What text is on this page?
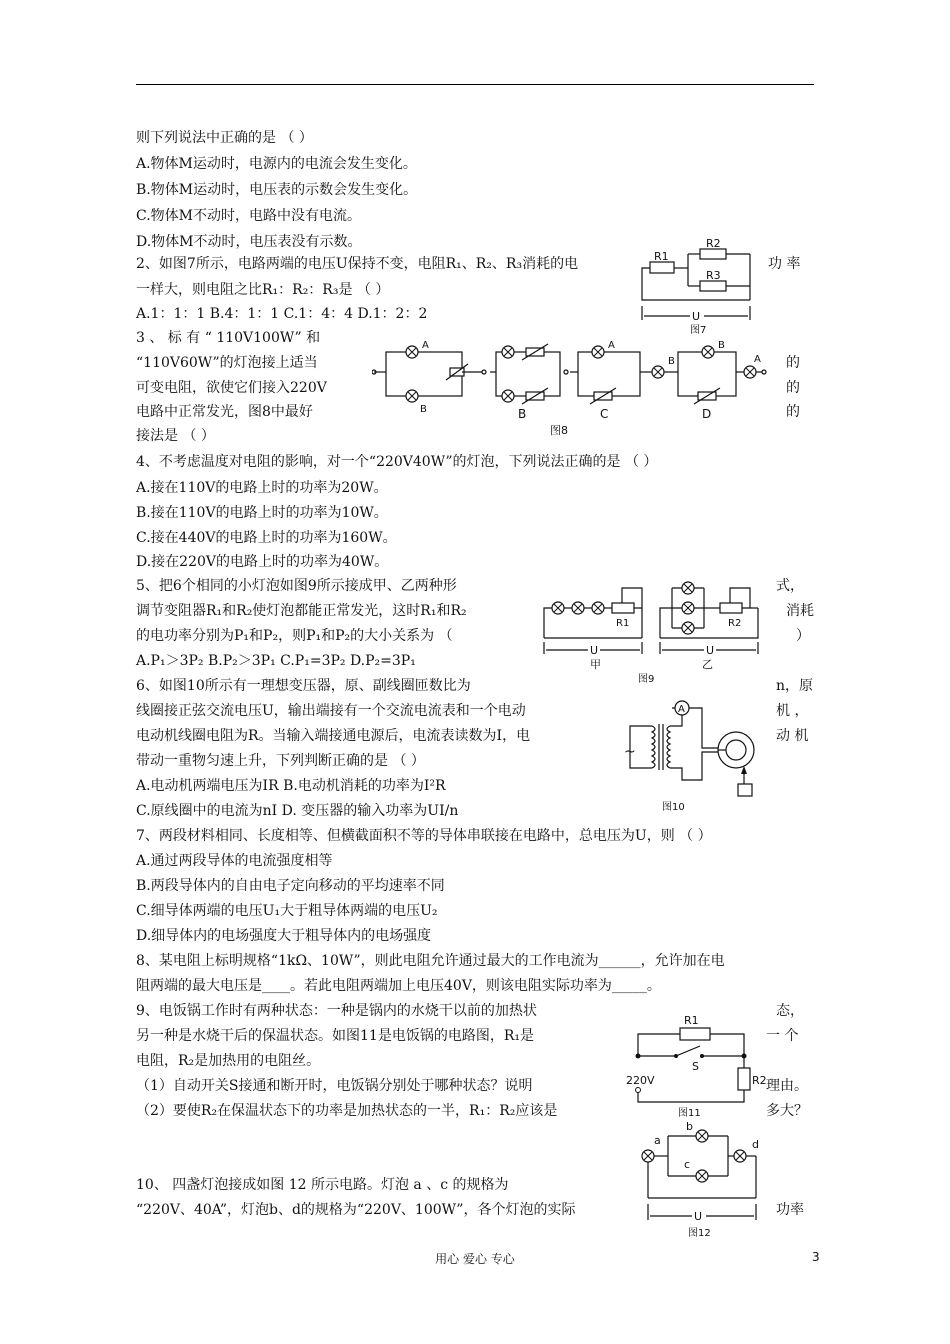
则下列说法中正确的是 （ ）
A.物体M运动时，电源内的电流会发生变化。
B.物体M运动时，电压表的示数会发生变化。
C.物体M不动时，电路中没有电流。
D.物体M不动时，电压表没有示数。
2、如图7所示，电路两端的电压U保持不变，电阻R₁、R₂、R₃消耗的电	功 率
一样大，则电阻之比R₁：R₂：R₃是 （ ）
A.1：1：1 B.4：1：1 C.1：4：4 D.1：2：2
3 、 标 有 “ 110V100W” 和
“110V60W”的灯泡接上适当
可变电阻，欲使它们接入220V
电路中正常发光，图8中最好
接法是 （ ）
的
的
的
4、不考虑温度对电阻的影响，对一个“220V40W”的灯泡，下列说法正确的是 （ ）
A.接在110V的电路上时的功率为20W。
B.接在110V的电路上时的功率为10W。
C.接在440V的电路上时的功率为160W。
D.接在220V的电路上时的功率为40W。
5、把6个相同的小灯泡如图9所示接成甲、乙两种形	式，
调节变阻器R₁和R₂使灯泡都能正常发光，这时R₁和R₂	消耗
的电功率分别为P₁和P₂，则P₁和P₂的大小关系为 （	）
A.P₁＞3P₂ B.P₂＞3P₁ C.P₁=3P₂ D.P₂=3P₁
6、如图10所示有一理想变压器，原、副线圈匝数比为	n，原
线圈接正弦交流电压U，输出端接有一个交流电流表和一个电动	机 ，
电动机线圈电阻为R。当输入端接通电源后，电流表读数为I，电	动 机
带动一重物匀速上升，下列判断正确的是 （ ）
A.电动机两端电压为IR B.电动机消耗的功率为I²R
C.原线圈中的电流为nI D. 变压器的输入功率为UI/n
7、两段材料相同、长度相等、但横截面积不等的导体串联接在电路中，总电压为U，则 （ ）
A.通过两段导体的电流强度相等
B.两段导体内的自由电子定向移动的平均速率不同
C.细导体两端的电压U₁大于粗导体两端的电压U₂
D.细导体内的电场强度大于粗导体内的电场强度
8、某电阻上标明规格“1kΩ、10W”，则此电阻允许通过最大的工作电流为______，允许加在电
阻两端的最大电压是____。若此电阻两端加上电压40V，则该电阻实际功率为_____。
9、电饭锅工作时有两种状态：一种是锅内的水烧干以前的加热状	态，
另一种是水烧干后的保温状态。如图11是电饭锅的电路图，R₁是	一 个
电阻，R₂是加热用的电阻丝。
（1）自动开关S接通和断开时，电饭锅分别处于哪种状态？说明	理由。
（2）要使R₂在保温状态下的功率是加热状态的一半，R₁：R₂应该是	多大？
10、 四盏灯泡接成如图 12 所示电路。灯泡 a 、c 的规格为
“220V、40A”，灯泡b、d的规格为“220V、100W”，各个灯泡的实际	功率
R1
R2
R3
U
图7
A
B	B
A
C
B
B
A
D
图8
R1	R2
U	U
甲	乙
图9
A
~
图10
R1
S
220V	R2
图11
a
b
c
d
U
图12
用心 爱心 专心	3
